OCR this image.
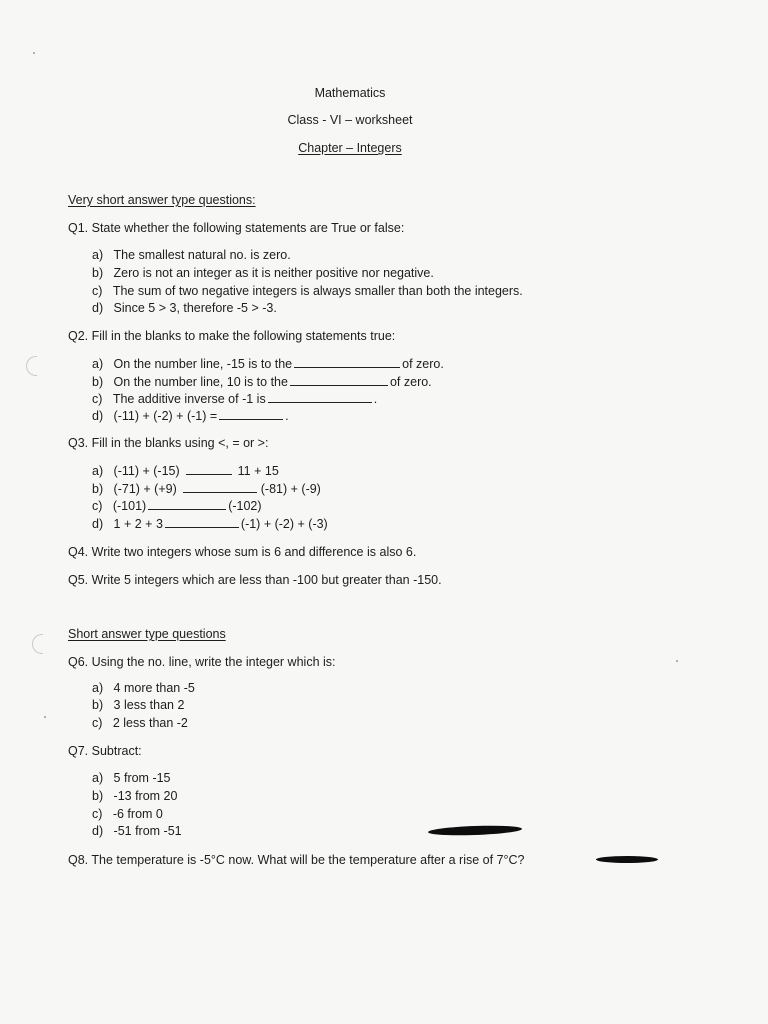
Mathematics
Class - VI – worksheet
Chapter – Integers
Very short answer type questions:
Q1. State whether the following statements are True or false:
a) The smallest natural no. is zero.
b) Zero is not an integer as it is neither positive nor negative.
c) The sum of two negative integers is always smaller than both the integers.
d) Since 5 > 3, therefore -5 > -3.
Q2. Fill in the blanks to make the following statements true:
a) On the number line, -15 is to the	of zero.
b) On the number line, 10 is to the	of zero.
c) The additive inverse of -1 is	.
d) (-11) + (-2) + (-1) =	.
Q3. Fill in the blanks using <, = or >:
a) (-11) + (-15)	11 + 15
b) (-71) + (+9)	(-81) + (-9)
c) (-101)	(-102)
d) 1 + 2 + 3	(-1) + (-2) + (-3)
Q4. Write two integers whose sum is 6 and difference is also 6.
Q5. Write 5 integers which are less than -100 but greater than -150.
Short answer type questions
Q6. Using the no. line, write the integer which is:
a) 4 more than -5
b) 3 less than 2
c) 2 less than -2
Q7. Subtract:
a) 5 from -15
b) -13 from 20
c) -6 from 0
d) -51 from -51
Q8. The temperature is -5°C now. What will be the temperature after a rise of 7°C?
